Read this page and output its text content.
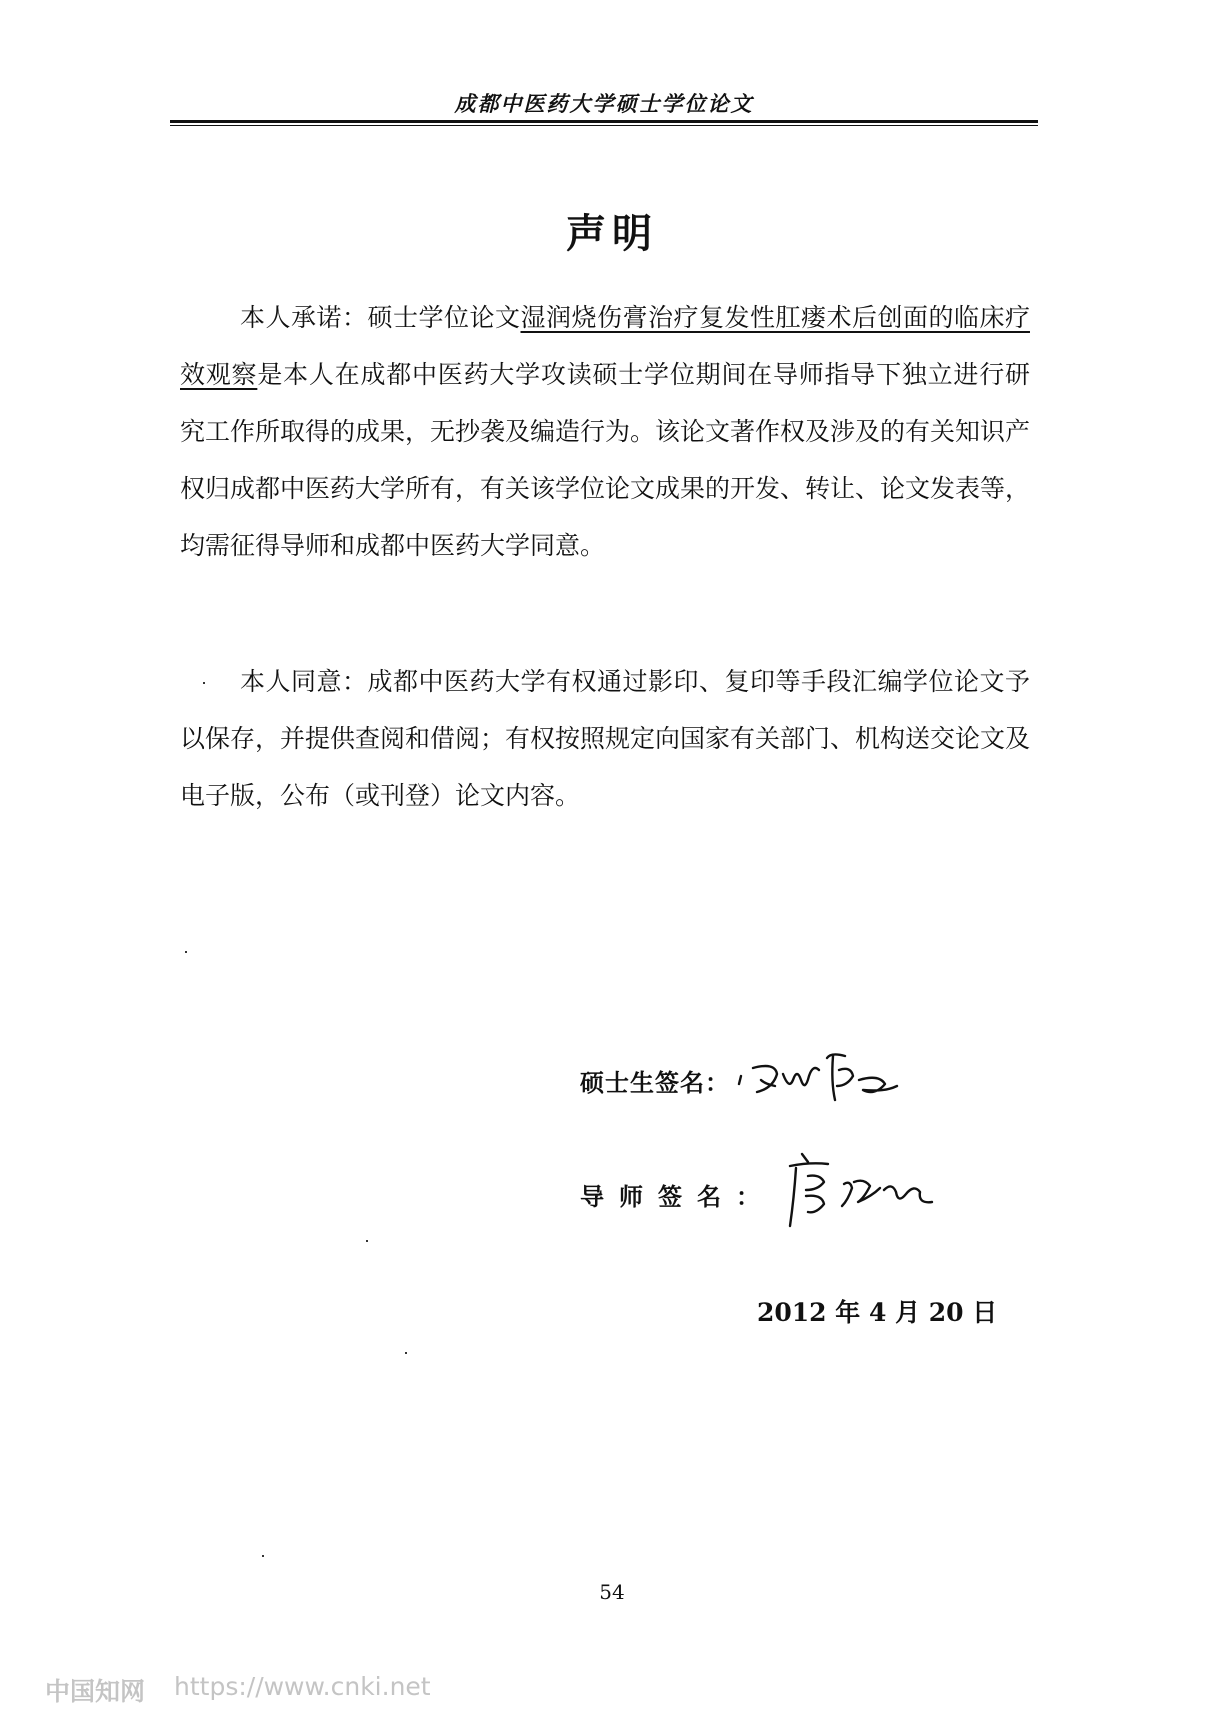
成都中医药大学硕士学位论文
声明
本人承诺：硕士学位论文湿润烧伤膏治疗复发性肛瘘术后创面的临床疗效观察是本人在成都中医药大学攻读硕士学位期间在导师指导下独立进行研究工作所取得的成果，无抄袭及编造行为。该论文著作权及涉及的有关知识产权归成都中医药大学所有，有关该学位论文成果的开发、转让、论文发表等，均需征得导师和成都中医药大学同意。
本人同意：成都中医药大学有权通过影印、复印等手段汇编学位论文予以保存，并提供查阅和借阅；有权按照规定向国家有关部门、机构送交论文及电子版，公布（或刊登）论文内容。
硕士生签名：
导师签名：
2012 年 4 月 20 日
54
中国知网 https://www.cnki.net
